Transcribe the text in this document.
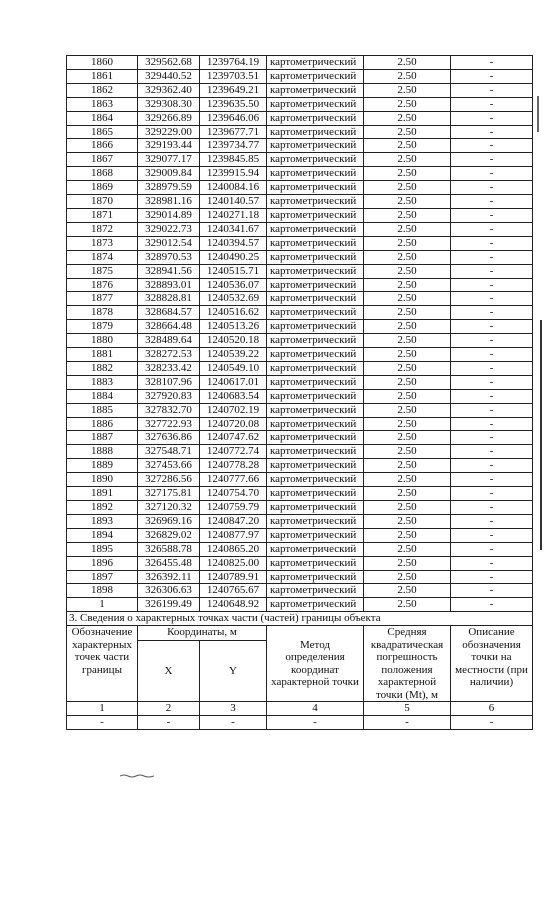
1860	329562.68	1239764.19	картометрический	2.50	-
1861	329440.52	1239703.51	картометрический	2.50	-
1862	329362.40	1239649.21	картометрический	2.50	-
1863	329308.30	1239635.50	картометрический	2.50	-
1864	329266.89	1239646.06	картометрический	2.50	-
1865	329229.00	1239677.71	картометрический	2.50	-
1866	329193.44	1239734.77	картометрический	2.50	-
1867	329077.17	1239845.85	картометрический	2.50	-
1868	329009.84	1239915.94	картометрический	2.50	-
1869	328979.59	1240084.16	картометрический	2.50	-
1870	328981.16	1240140.57	картометрический	2.50	-
1871	329014.89	1240271.18	картометрический	2.50	-
1872	329022.73	1240341.67	картометрический	2.50	-
1873	329012.54	1240394.57	картометрический	2.50	-
1874	328970.53	1240490.25	картометрический	2.50	-
1875	328941.56	1240515.71	картометрический	2.50	-
1876	328893.01	1240536.07	картометрический	2.50	-
1877	328828.81	1240532.69	картометрический	2.50	-
1878	328684.57	1240516.62	картометрический	2.50	-
1879	328664.48	1240513.26	картометрический	2.50	-
1880	328489.64	1240520.18	картометрический	2.50	-
1881	328272.53	1240539.22	картометрический	2.50	-
1882	328233.42	1240549.10	картометрический	2.50	-
1883	328107.96	1240617.01	картометрический	2.50	-
1884	327920.83	1240683.54	картометрический	2.50	-
1885	327832.70	1240702.19	картометрический	2.50	-
1886	327722.93	1240720.08	картометрический	2.50	-
1887	327636.86	1240747.62	картометрический	2.50	-
1888	327548.71	1240772.74	картометрический	2.50	-
1889	327453.66	1240778.28	картометрический	2.50	-
1890	327286.56	1240777.66	картометрический	2.50	-
1891	327175.81	1240754.70	картометрический	2.50	-
1892	327120.32	1240759.79	картометрический	2.50	-
1893	326969.16	1240847.20	картометрический	2.50	-
1894	326829.02	1240877.97	картометрический	2.50	-
1895	326588.78	1240865.20	картометрический	2.50	-
1896	326455.48	1240825.00	картометрический	2.50	-
1897	326392.11	1240789.91	картометрический	2.50	-
1898	326306.63	1240765.67	картометрический	2.50	-
1	326199.49	1240648.92	картометрический	2.50	-
3. Сведения о характерных точках части (частей) границы объекта					
Обозначение характерных точек части границы	Координаты, м		Метод определения координат характерной точки	Средняя квадратическая погрешность положения характерной точки (Mt), м	Описание обозначения точки на местности (при наличии)
	X	Y			
1	2	3	4	5	6
-	-	-	-	-	-
